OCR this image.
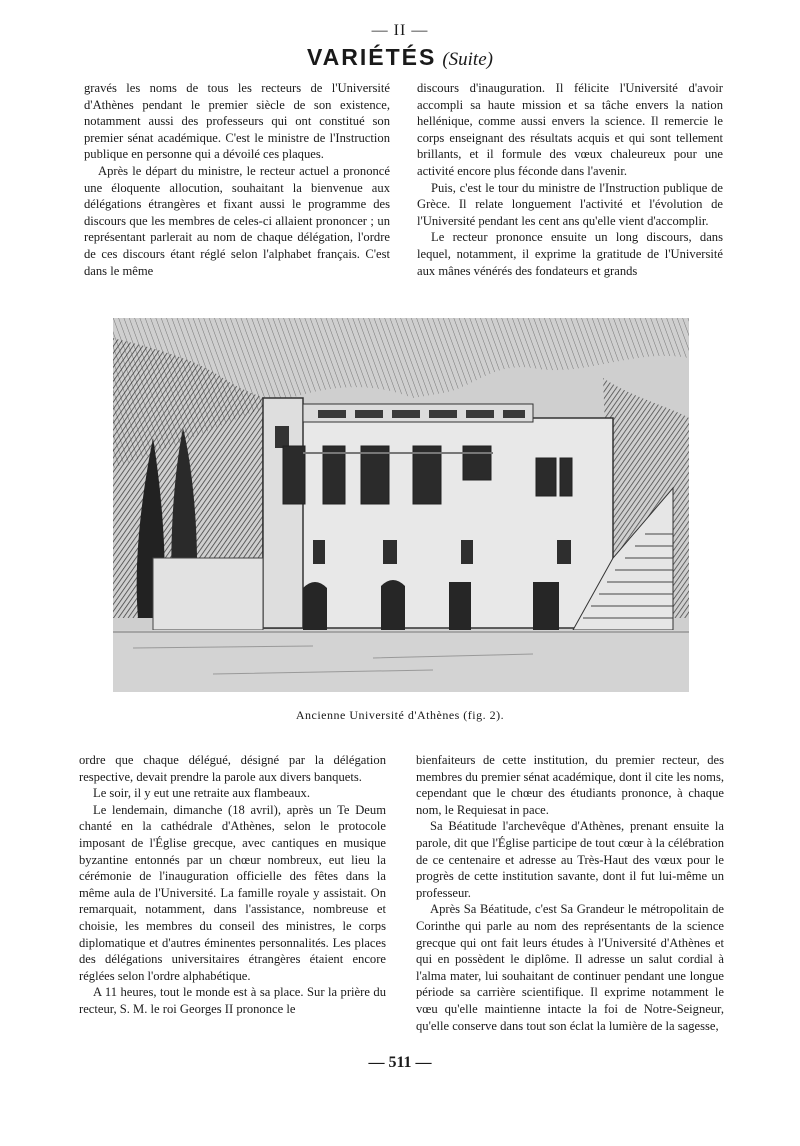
— II —
VARIÉTÉS (Suite)

gravés les noms de tous les recteurs de l'Université d'Athènes pendant le premier siècle de son existence, notamment aussi des professeurs qui ont constitué son premier sénat académique. C'est le ministre de l'Instruction publique en personne qui a dévoilé ces plaques.

Après le départ du ministre, le recteur actuel a prononcé une éloquente allocution, souhaitant la bienvenue aux délégations étrangères et fixant aussi le programme des discours que les membres de celes-ci allaient prononcer ; un représentant parlerait au nom de chaque délégation, l'ordre de ces discours étant réglé selon l'alphabet français. C'est dans le même

discours d'inauguration. Il félicite l'Université d'avoir accompli sa haute mission et sa tâche envers la nation hellénique, comme aussi envers la science. Il remercie le corps enseignant des résultats acquis et qui sont tellement brillants, et il formule des vœux chaleureux pour une activité encore plus féconde dans l'avenir.

Puis, c'est le tour du ministre de l'Instruction publique de Grèce. Il relate longuement l'activité et l'évolution de l'Université pendant les cent ans qu'elle vient d'accomplir.

Le recteur prononce ensuite un long discours, dans lequel, notamment, il exprime la gratitude de l'Université aux mânes vénérés des fondateurs et grands

Ancienne Université d'Athènes (fig. 2).

ordre que chaque délégué, désigné par la délégation respective, devait prendre la parole aux divers banquets.

Le soir, il y eut une retraite aux flambeaux.

Le lendemain, dimanche (18 avril), après un Te Deum chanté en la cathédrale d'Athènes, selon le protocole imposant de l'Église grecque, avec cantiques en musique byzantine entonnés par un chœur nombreux, eut lieu la cérémonie de l'inauguration officielle des fêtes dans la même aula de l'Université. La famille royale y assistait. On remarquait, notamment, dans l'assistance, nombreuse et choisie, les membres du conseil des ministres, le corps diplomatique et d'autres éminentes personnalités. Les places des délégations universitaires étrangères étaient encore réglées selon l'ordre alphabétique.

A 11 heures, tout le monde est à sa place. Sur la prière du recteur, S. M. le roi Georges II prononce le

bienfaiteurs de cette institution, du premier recteur, des membres du premier sénat académique, dont il cite les noms, cependant que le chœur des étudiants prononce, à chaque nom, le Requiesat in pace.

Sa Béatitude l'archevêque d'Athènes, prenant ensuite la parole, dit que l'Église participe de tout cœur à la célébration de ce centenaire et adresse au Très-Haut des vœux pour le progrès de cette institution savante, dont il fut lui-même un professeur.

Après Sa Béatitude, c'est Sa Grandeur le métropolitain de Corinthe qui parle au nom des représentants de la science grecque qui ont fait leurs études à l'Université d'Athènes et qui en possèdent le diplôme. Il adresse un salut cordial à l'alma mater, lui souhaitant de continuer pendant une longue période sa carrière scientifique. Il exprime notamment le vœu qu'elle maintienne intacte la foi de Notre-Seigneur, qu'elle conserve dans tout son éclat la lumière de la sagesse,

— 511 —
